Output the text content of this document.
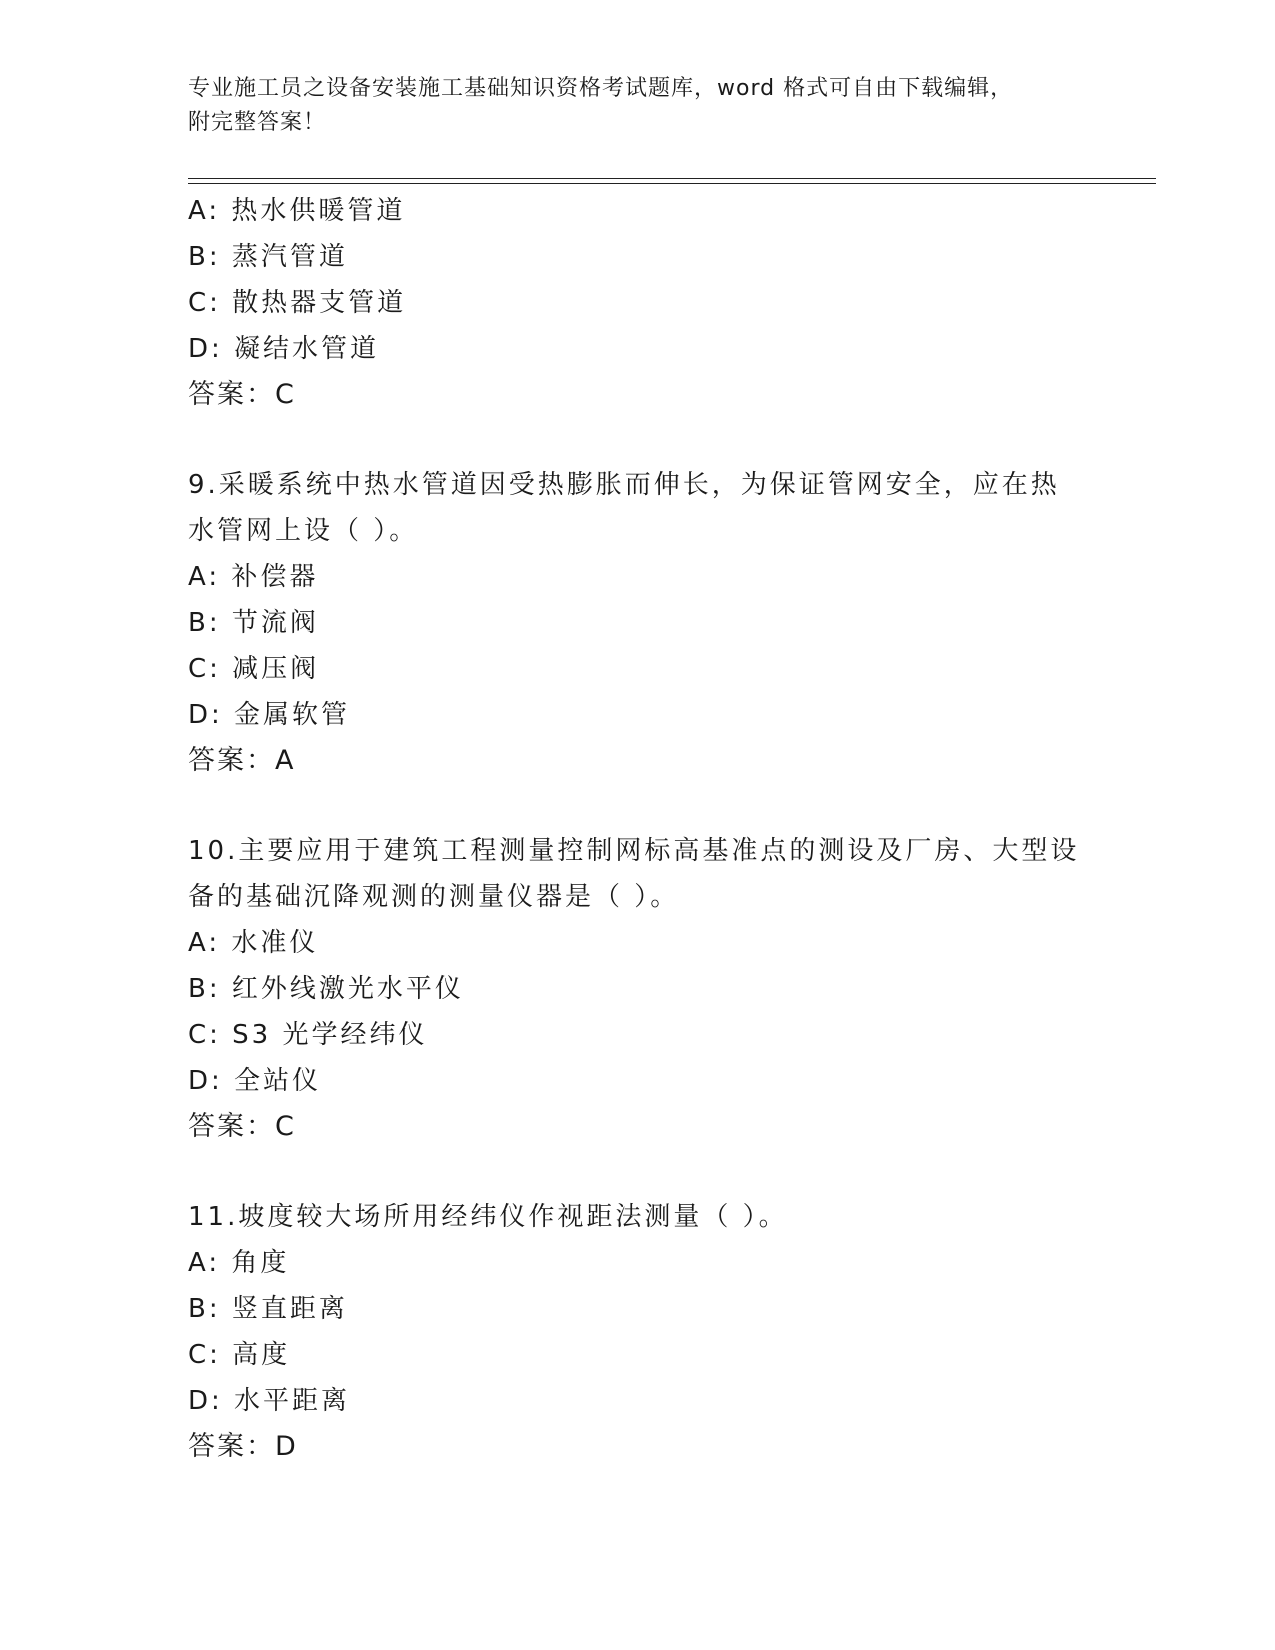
专业施工员之设备安装施工基础知识资格考试题库，word 格式可自由下载编辑，
附完整答案！
A: 热水供暖管道
B: 蒸汽管道
C: 散热器支管道
D: 凝结水管道
答案：C
9.采暖系统中热水管道因受热膨胀而伸长，为保证管网安全，应在热
水管网上设（ ）。
A: 补偿器
B: 节流阀
C: 减压阀
D: 金属软管
答案：A
10.主要应用于建筑工程测量控制网标高基准点的测设及厂房、大型设
备的基础沉降观测的测量仪器是（ ）。
A: 水准仪
B: 红外线激光水平仪
C: S3 光学经纬仪
D: 全站仪
答案：C
11.坡度较大场所用经纬仪作视距法测量（ ）。
A: 角度
B: 竖直距离
C: 高度
D: 水平距离
答案：D
